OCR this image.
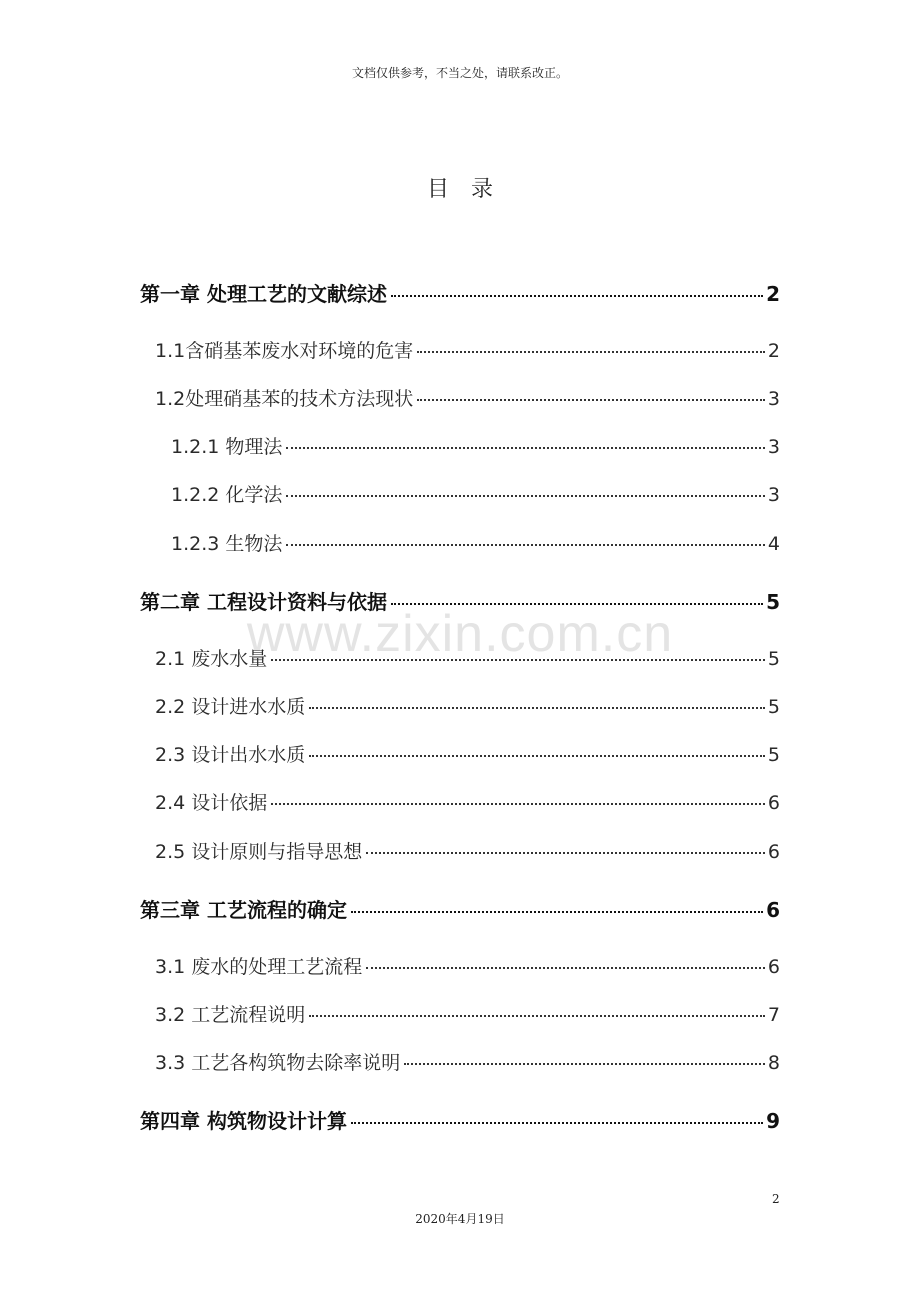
文档仅供参考，不当之处，请联系改正。
目录
www.zixin.com.cn
第一章 处理工艺的文献综述	2
1.1含硝基苯废水对环境的危害	2
1.2处理硝基苯的技术方法现状	3
1.2.1 物理法	3
1.2.2 化学法	3
1.2.3 生物法	4
第二章 工程设计资料与依据	5
2.1 废水水量	5
2.2 设计进水水质	5
2.3 设计出水水质	5
2.4 设计依据	6
2.5 设计原则与指导思想	6
第三章 工艺流程的确定	6
3.1 废水的处理工艺流程	6
3.2 工艺流程说明	7
3.3 工艺各构筑物去除率说明	8
第四章 构筑物设计计算	9
2
2020年4月19日
